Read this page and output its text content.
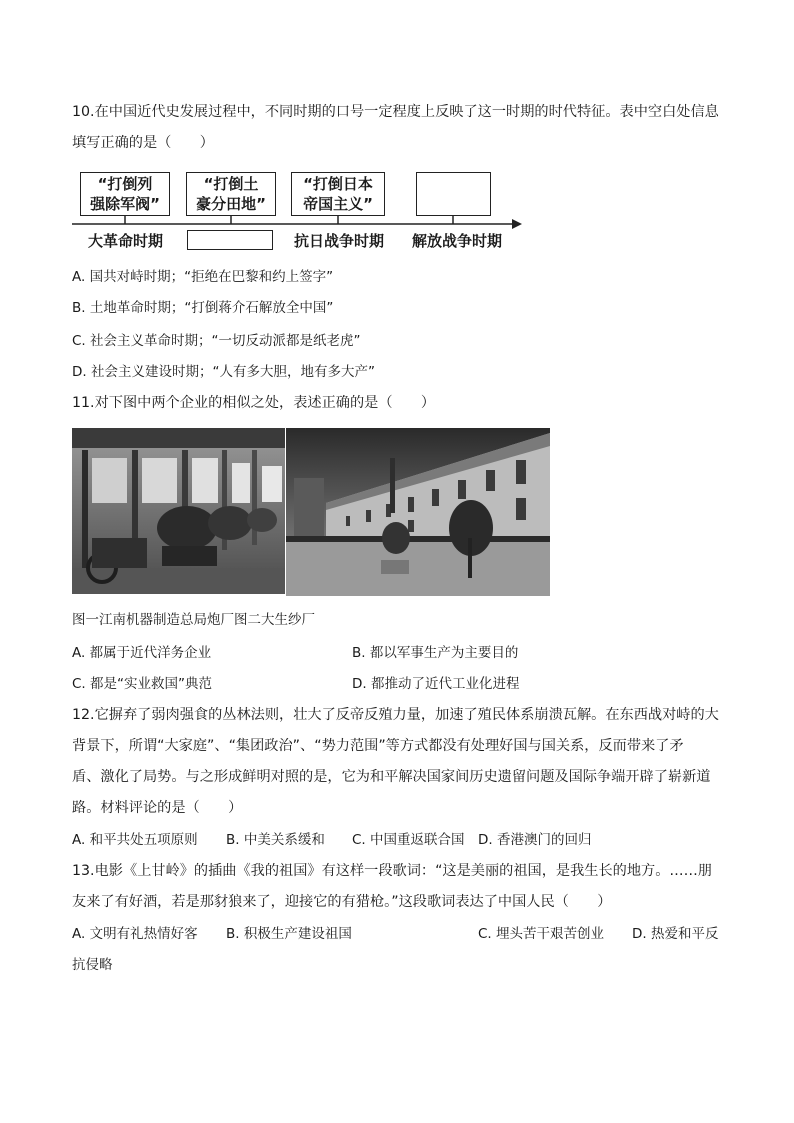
10.在中国近代史发展过程中，不同时期的口号一定程度上反映了这一时期的时代特征。表中空白处信息
填写正确的是（　　）
“打倒列
强除军阀”
“打倒土
豪分田地”
“打倒日本
帝国主义”
大革命时期	抗日战争时期 解放战争时期
A. 国共对峙时期；“拒绝在巴黎和约上签字”
B. 土地革命时期；“打倒蒋介石解放全中国”
C. 社会主义革命时期；“一切反动派都是纸老虎”
D. 社会主义建设时期；“人有多大胆，地有多大产”
11.对下图中两个企业的相似之处，表述正确的是（　　）
图一江南机器制造总局炮厂图二大生纱厂
A. 都属于近代洋务企业	B. 都以军事生产为主要目的
C. 都是“实业救国”典范	D. 都推动了近代工业化进程
12.它摒弃了弱肉强食的丛林法则，壮大了反帝反殖力量，加速了殖民体系崩溃瓦解。在东西战对峙的大
背景下，所谓“大家庭”、“集团政治”、“势力范围”等方式都没有处理好国与国关系，反而带来了矛
盾、激化了局势。与之形成鲜明对照的是，它为和平解决国家间历史遗留问题及国际争端开辟了崭新道
路。材料评论的是（　　）
A. 和平共处五项原则 B. 中美关系缓和 C. 中国重返联合国 D. 香港澳门的回归
13.电影《上甘岭》的插曲《我的祖国》有这样一段歌词：“这是美丽的祖国，是我生长的地方。……朋
友来了有好酒，若是那豺狼来了，迎接它的有猎枪。”这段歌词表达了中国人民（　　）
A. 文明有礼热情好客 B. 积极生产建设祖国	C. 埋头苦干艰苦创业 D. 热爱和平反
抗侵略
